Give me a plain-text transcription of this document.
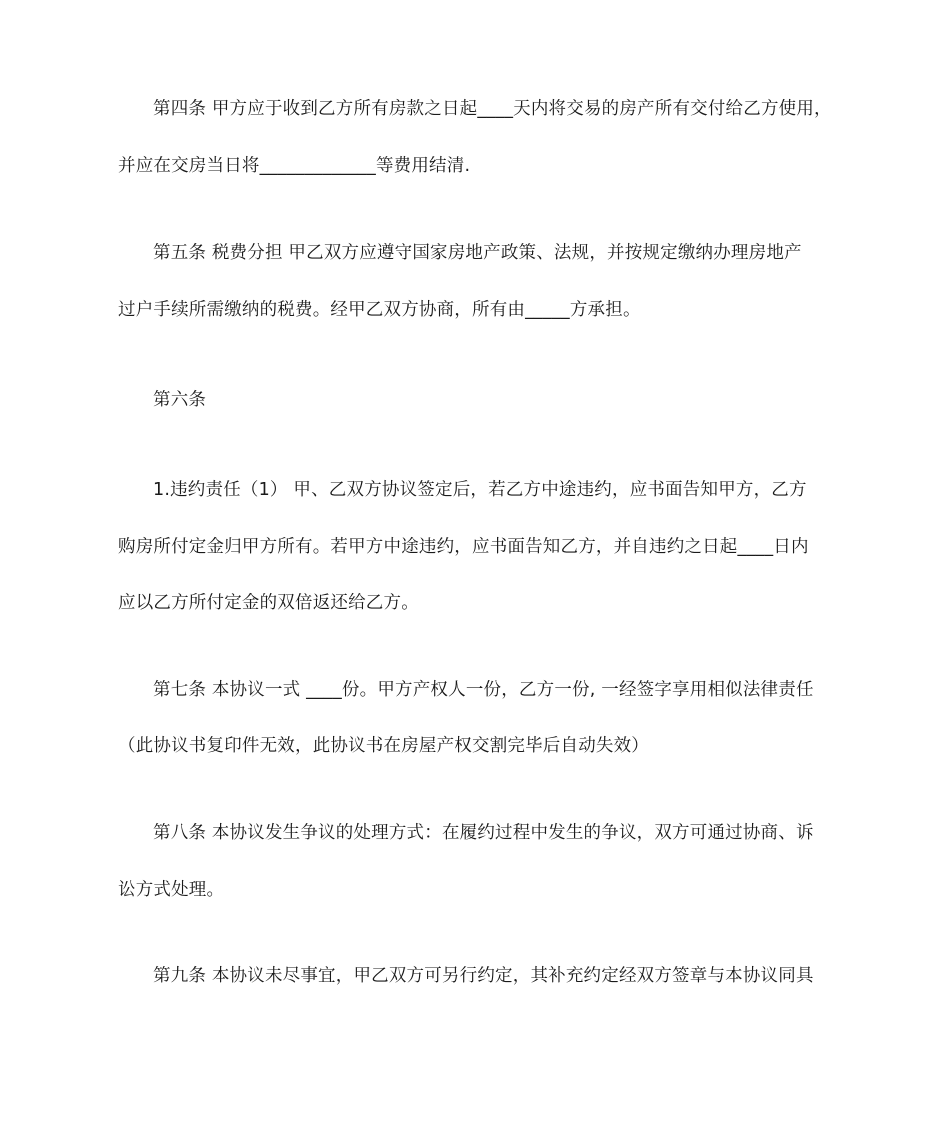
第四条 甲方应于收到乙方所有房款之日起____天内将交易的房产所有交付给乙方使用，
并应在交房当日将_____________等费用结清.
第五条 税费分担 甲乙双方应遵守国家房地产政策、法规，并按规定缴纳办理房地产
过户手续所需缴纳的税费。经甲乙双方协商，所有由_____方承担。
第六条
1.违约责任（1） 甲、乙双方协议签定后，若乙方中途违约，应书面告知甲方，乙方
购房所付定金归甲方所有。若甲方中途违约，应书面告知乙方，并自违约之日起____日内
应以乙方所付定金的双倍返还给乙方。
第七条 本协议一式 ____份。甲方产权人一份，乙方一份, 一经签字享用相似法律责任
（此协议书复印件无效，此协议书在房屋产权交割完毕后自动失效）
第八条 本协议发生争议的处理方式：在履约过程中发生的争议，双方可通过协商、诉
讼方式处理。
第九条 本协议未尽事宜，甲乙双方可另行约定，其补充约定经双方签章与本协议同具
